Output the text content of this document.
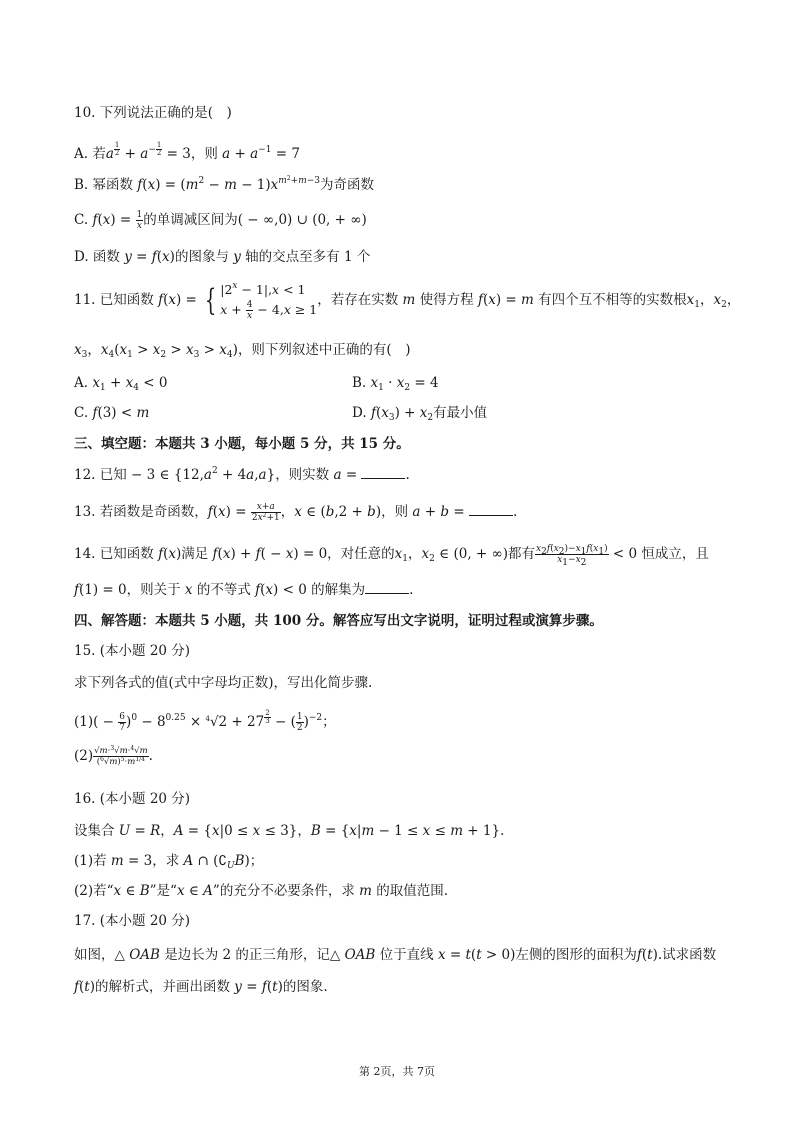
10. 下列说法正确的是( )
A. 若a $^{\frac{1}{2}} + a^{- \frac{1}{2}} = 3$，则 $a + a^{-1} = 7$
B. 幂函数 $f(x) = (m^2 - m - 1)x^{m^2+m-3}$为奇函数
C. $f(x) = \frac{1}{x}$ 的单调减区间为( − ∞,0) ∪ (0, + ∞)
D. 函数 y = f(x)的图象与 y 轴的交点至多有 1 个
11. 已知函数 f(x) = { $|2^x - 1|,x < 1$
$x + \frac{4}{x} - 4,x \ge 1$
，若存在实数 m 使得方程 f(x) = m 有四个互不相等的实数根$x_1$，$x_2$，
$x_3$，$x_4(x_1 > x_2 > x_3 > x_4)$，则下列叙述中正确的有( )
A. $x_1 + x_4 < 0$	B. $x_1 \cdot x_2 = 4$
C. f(3) < m	D. $f(x_3) + x_2$有最小值
三、填空题：本题共 3 小题，每小题 5 分，共 15 分。
12. 已知 − 3 ∈ $\{12,a^2 + 4a,a\}$，则实数 a =	.
13. 若函数是奇函数，$f(x) = \frac{x+a}{2x^2+1}$ ，x ∈ (b,2 + b)，则 a + b =	.
14. 已知函数 f(x)满足 f(x) + f( − x) = 0，对任意的$x_1$，$x_2$ ∈ (0, + ∞)都有 $\frac{x_2f(x_2)-x_1f(x_1)}{x_1-x_2} < 0$ 恒成立，且
f(1) = 0，则关于 x 的不等式 f(x) < 0 的解集为	.
四、解答题：本题共 5 小题，共 100 分。解答应写出文字说明，证明过程或演算步骤。
15. (本小题 20 分)
求下列各式的值(式中字母均正数)，写出化简步骤.
$(1)( - \frac{6}{7} )^0 - 8^{0.25} \times ^4√2 + 27$ $^{\frac{2}{3}}$ − ( $\frac{1}{2} )^{-2}$；
$(2) \frac{√m\cdot^3√m\cdot^4√m}{(^6√m)^5\cdot m^{1/4}}$ .
16. (本小题 20 分)
设集合 U = R，A = {x|0 ≤ x ≤ 3}，B = {x|m − 1 ≤ x ≤ m + 1}.
(1)若 m = 3，求 A ∩ $(∁_UB)$；
(2)若“x ∈ B”是“x ∈ A”的充分不必要条件，求 m 的取值范围.
17. (本小题 20 分)
如图，△ OAB 是边长为 2 的正三角形，记△ OAB 位于直线 x = t(t > 0)左侧的图形的面积为f(t).试求函数
f(t)的解析式，并画出函数 y = f(t)的图象.
第 2页，共 7页
